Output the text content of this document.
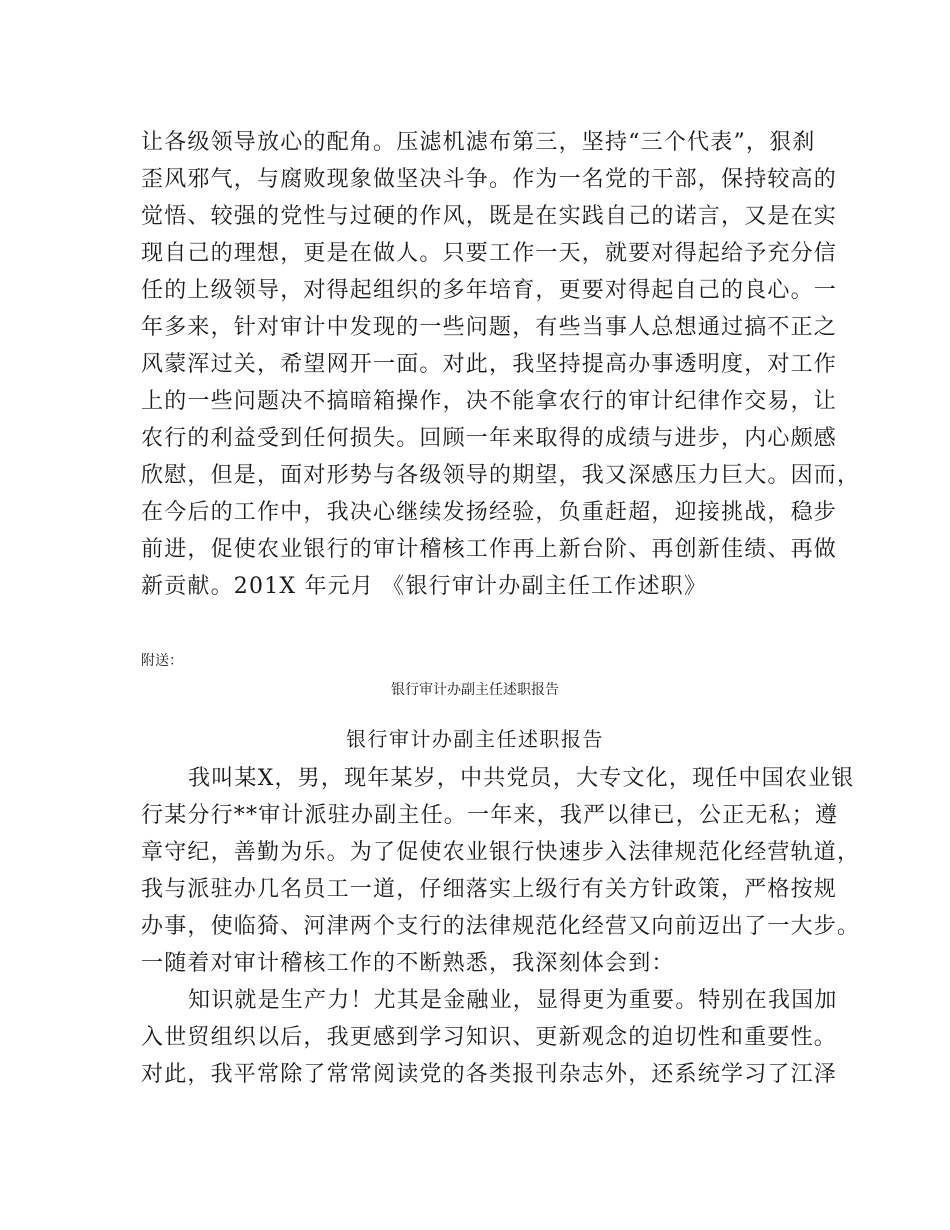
让各级领导放心的配角。压滤机滤布第三，坚持“三个代表”，狠刹
歪风邪气，与腐败现象做坚决斗争。作为一名党的干部，保持较高的
觉悟、较强的党性与过硬的作风，既是在实践自己的诺言，又是在实
现自己的理想，更是在做人。只要工作一天，就要对得起给予充分信
任的上级领导，对得起组织的多年培育，更要对得起自己的良心。一
年多来，针对审计中发现的一些问题，有些当事人总想通过搞不正之
风蒙浑过关，希望网开一面。对此，我坚持提高办事透明度，对工作
上的一些问题决不搞暗箱操作，决不能拿农行的审计纪律作交易，让
农行的利益受到任何损失。回顾一年来取得的成绩与进步，内心颇感
欣慰，但是，面对形势与各级领导的期望，我又深感压力巨大。因而，
在今后的工作中，我决心继续发扬经验，负重赶超，迎接挑战，稳步
前进，促使农业银行的审计稽核工作再上新台阶、再创新佳绩、再做
新贡献。201X 年元月 《银行审计办副主任工作述职》
附送：
银行审计办副主任述职报告
银行审计办副主任述职报告
我叫某X，男，现年某岁，中共党员，大专文化，现任中国农业银
行某分行**审计派驻办副主任。一年来，我严以律已，公正无私；遵
章守纪，善勤为乐。为了促使农业银行快速步入法律规范化经营轨道，
我与派驻办几名员工一道，仔细落实上级行有关方针政策，严格按规
办事，使临猗、河津两个支行的法律规范化经营又向前迈出了一大步。
一随着对审计稽核工作的不断熟悉，我深刻体会到：
知识就是生产力！尤其是金融业，显得更为重要。特别在我国加
入世贸组织以后，我更感到学习知识、更新观念的迫切性和重要性。
对此，我平常除了常常阅读党的各类报刊杂志外，还系统学习了江泽
